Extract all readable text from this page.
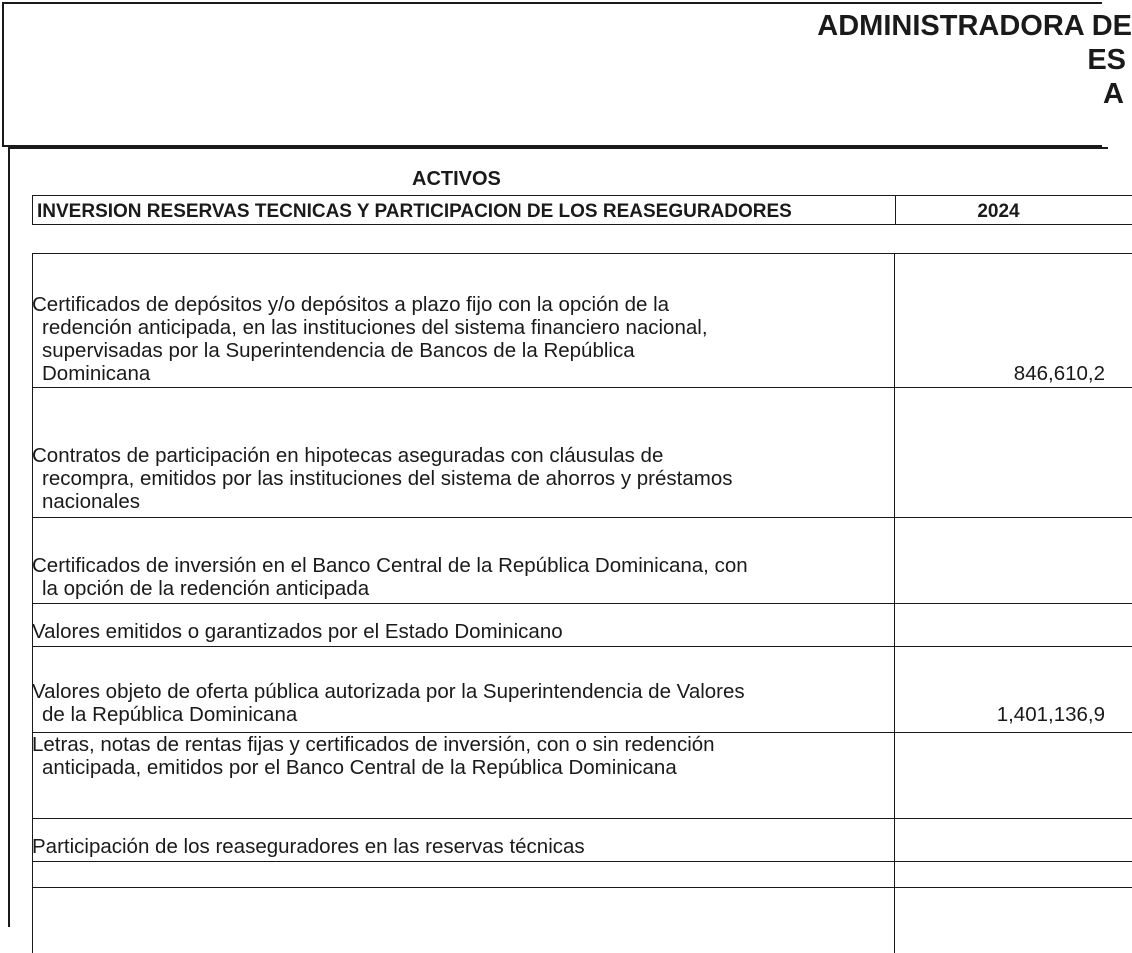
ADMINISTRADORA DE
ES
A
ACTIVOS
INVERSION RESERVAS TECNICAS Y PARTICIPACION DE LOS REASEGURADORES	2024
Certificados de depósitos y/o depósitos a plazo fijo con la opción de la
redención anticipada, en las instituciones del sistema financiero nacional,
supervisadas por la Superintendencia de Bancos de la República
Dominicana	846,610,2
Contratos de participación en hipotecas aseguradas con cláusulas de
recompra, emitidos por las instituciones del sistema de ahorros y préstamos
nacionales
Certificados de inversión en el Banco Central de la República Dominicana, con
la opción de la redención anticipada
Valores emitidos o garantizados por el Estado Dominicano
Valores objeto de oferta pública autorizada por la Superintendencia de Valores
de la República Dominicana	1,401,136,9
Letras, notas de rentas fijas y certificados de inversión, con o sin redención
anticipada, emitidos por el Banco Central de la República Dominicana
Participación de los reaseguradores en las reservas técnicas
